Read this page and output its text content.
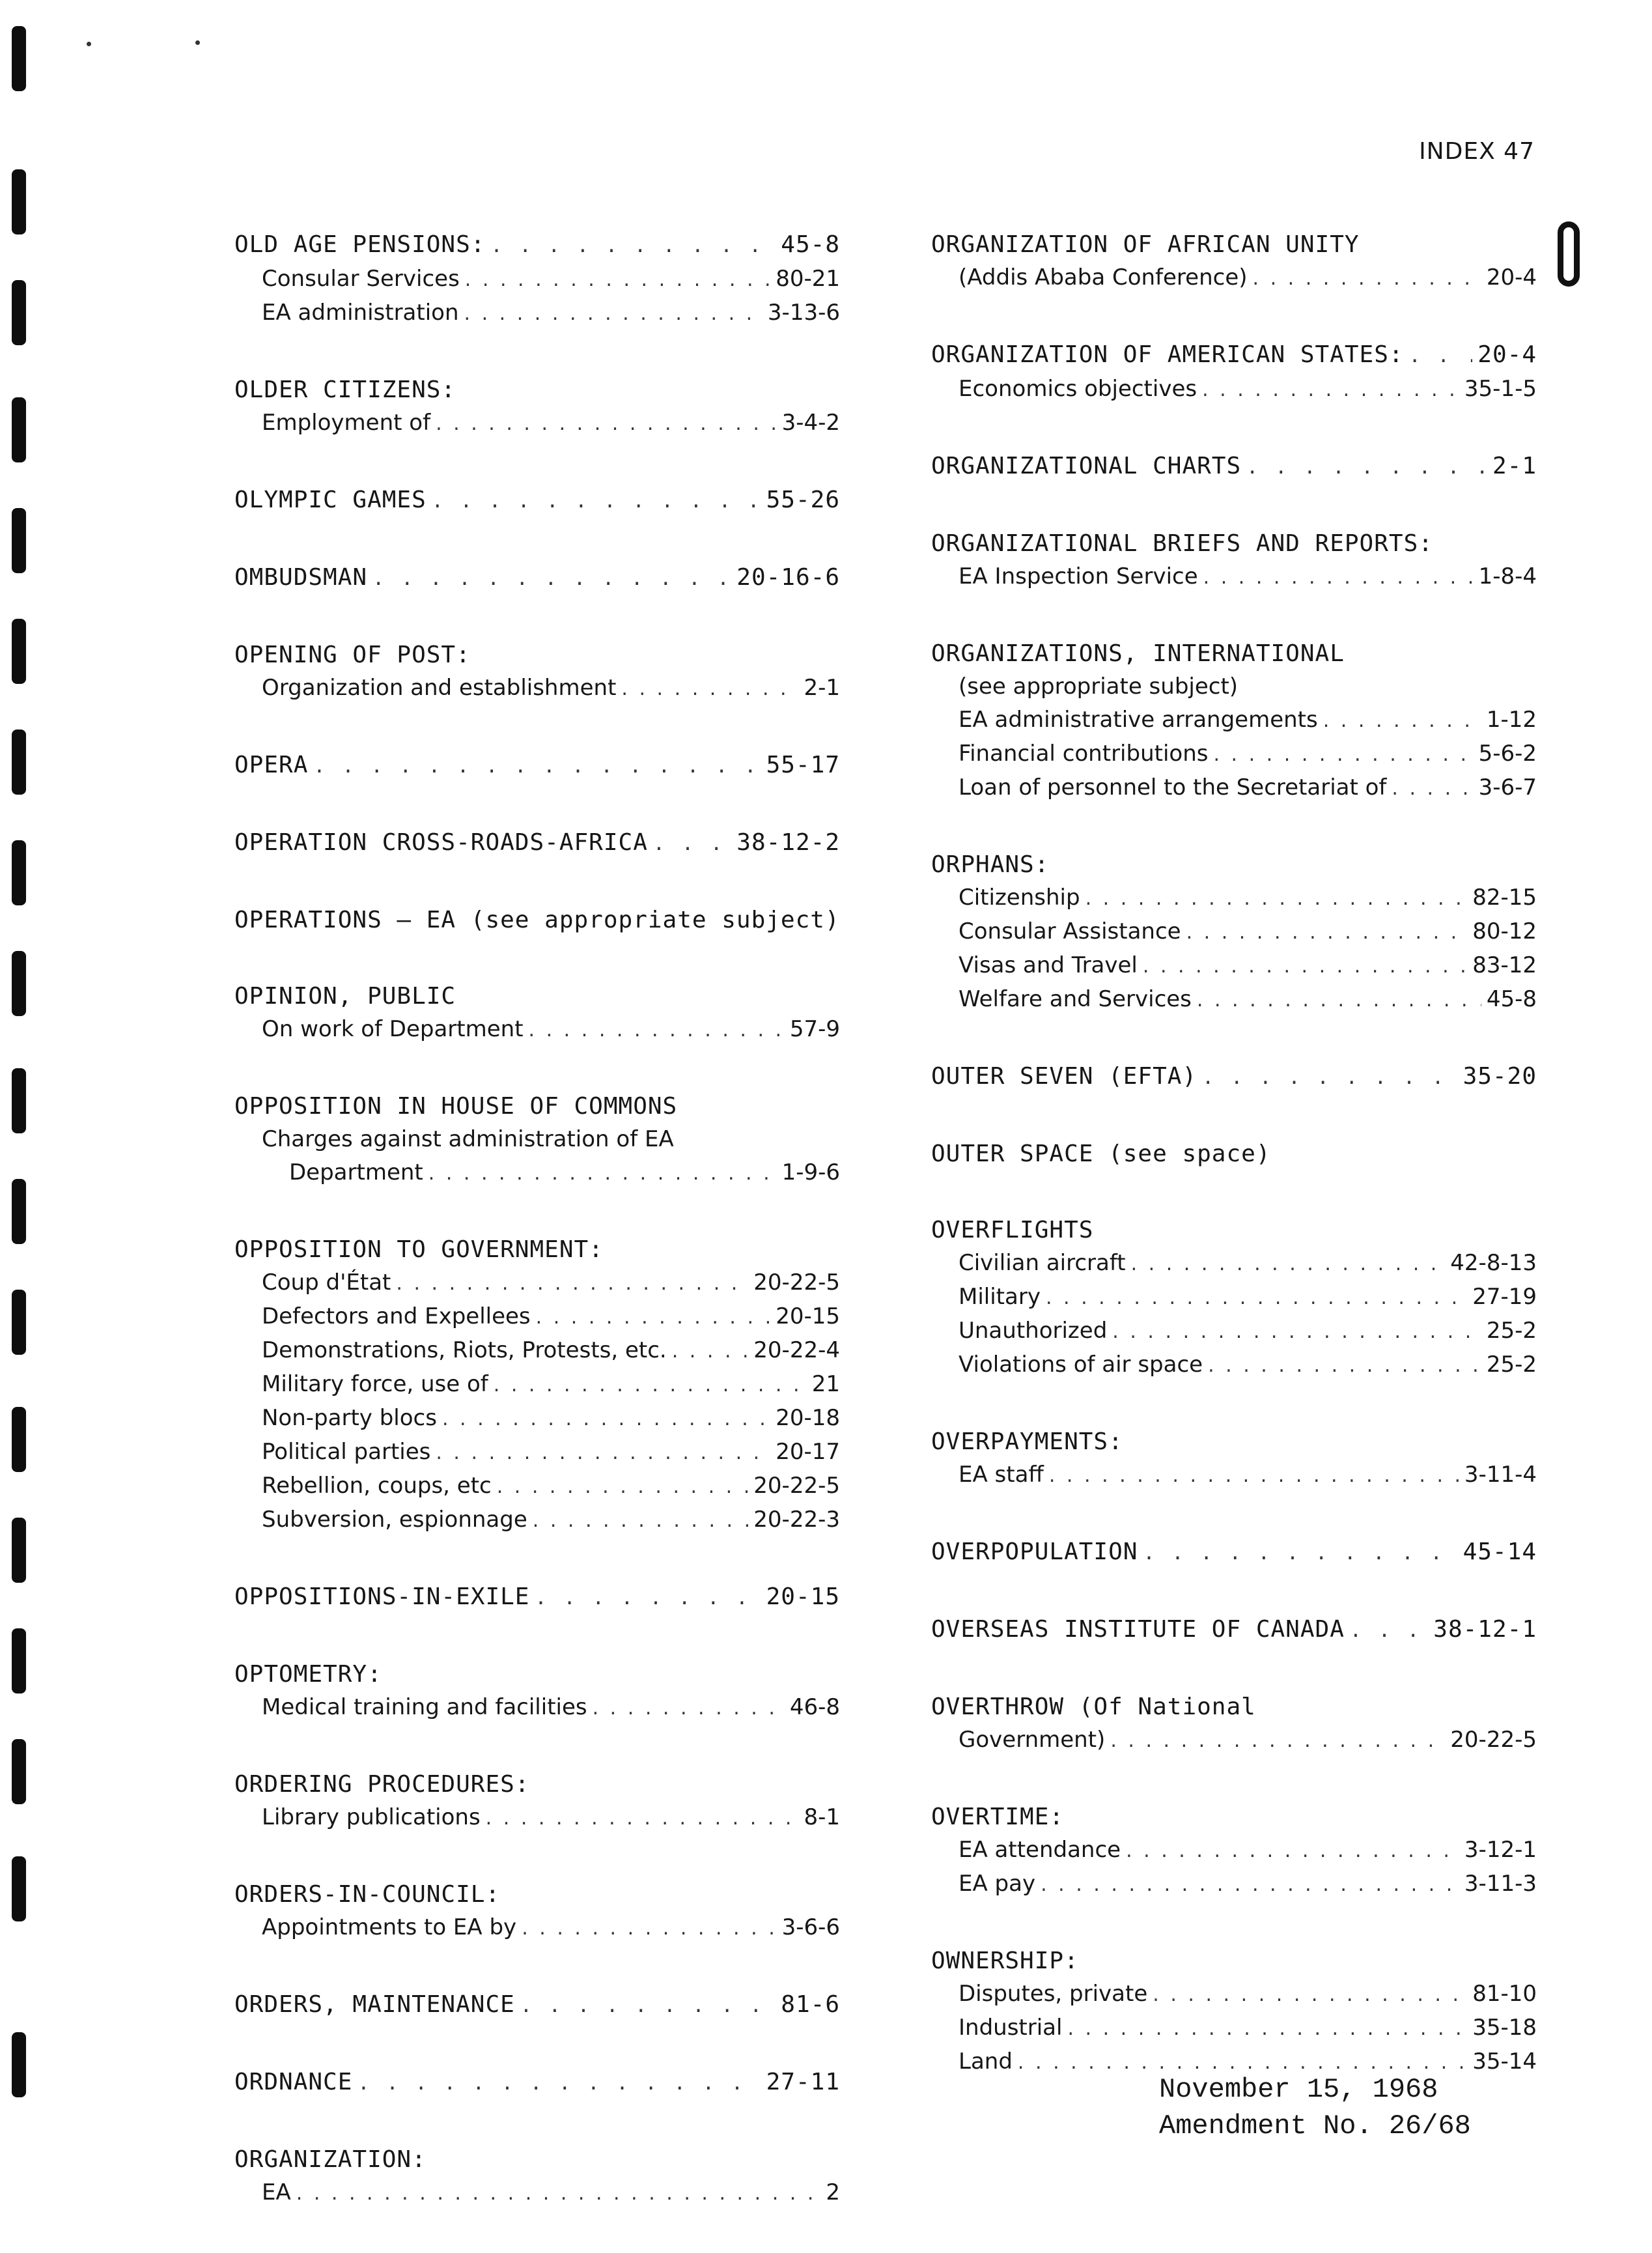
INDEX 47
OLD AGE PENSIONS: . . .	45-8
Consular Services . . .	80-21
EA administration . . .	3-13-6
OLDER CITIZENS:
Employment of . . .	3-4-2
OLYMPIC GAMES . . .	55-26
OMBUDSMAN . . .	20-16-6
OPENING OF POST:
Organization and establishment . . .	2-1
OPERA . . .	55-17
OPERATION CROSS-ROADS-AFRICA . . .	38-12-2
OPERATIONS – EA (see appropriate subject)
OPINION, PUBLIC
On work of Department . . .	57-9
OPPOSITION IN HOUSE OF COMMONS
Charges against administration of EA
Department . . .	1-9-6
OPPOSITION TO GOVERNMENT:
Coup d'État . . .	20-22-5
Defectors and Expellees . . .	20-15
Demonstrations, Riots, Protests, etc. . . .	20-22-4
Military force, use of . . .	21
Non-party blocs . . .	20-18
Political parties . . .	20-17
Rebellion, coups, etc . . .	20-22-5
Subversion, espionnage . . .	20-22-3
OPPOSITIONS-IN-EXILE . . .	20-15
OPTOMETRY:
Medical training and facilities . . .	46-8
ORDERING PROCEDURES:
Library publications . . .	8-1
ORDERS-IN-COUNCIL:
Appointments to EA by . . .	3-6-6
ORDERS, MAINTENANCE . . .	81-6
ORDNANCE . . .	27-11
ORGANIZATION:
EA . . .	2
ORGANIZATION OF AFRICAN UNITY
(Addis Ababa Conference) . . .	20-4
ORGANIZATION OF AMERICAN STATES: . . .	20-4
Economics objectives . . .	35-1-5
ORGANIZATIONAL CHARTS . . .	2-1
ORGANIZATIONAL BRIEFS AND REPORTS:
EA Inspection Service . . .	1-8-4
ORGANIZATIONS, INTERNATIONAL
(see appropriate subject)
EA administrative arrangements . . .	1-12
Financial contributions . . .	5-6-2
Loan of personnel to the Secretariat of . . .	3-6-7
ORPHANS:
Citizenship . . .	82-15
Consular Assistance . . .	80-12
Visas and Travel . . .	83-12
Welfare and Services . . .	45-8
OUTER SEVEN (EFTA) . . .	35-20
OUTER SPACE (see space)
OVERFLIGHTS
Civilian aircraft . . .	42-8-13
Military . . .	27-19
Unauthorized . . .	25-2
Violations of air space . . .	25-2
OVERPAYMENTS:
EA staff . . .	3-11-4
OVERPOPULATION . . .	45-14
OVERSEAS INSTITUTE OF CANADA . . .	38-12-1
OVERTHROW (Of National
Government) . . .	20-22-5
OVERTIME:
EA attendance . . .	3-12-1
EA pay . . .	3-11-3
OWNERSHIP:
Disputes, private . . .	81-10
Industrial . . .	35-18
Land . . .	35-14
November 15, 1968
Amendment No. 26/68
